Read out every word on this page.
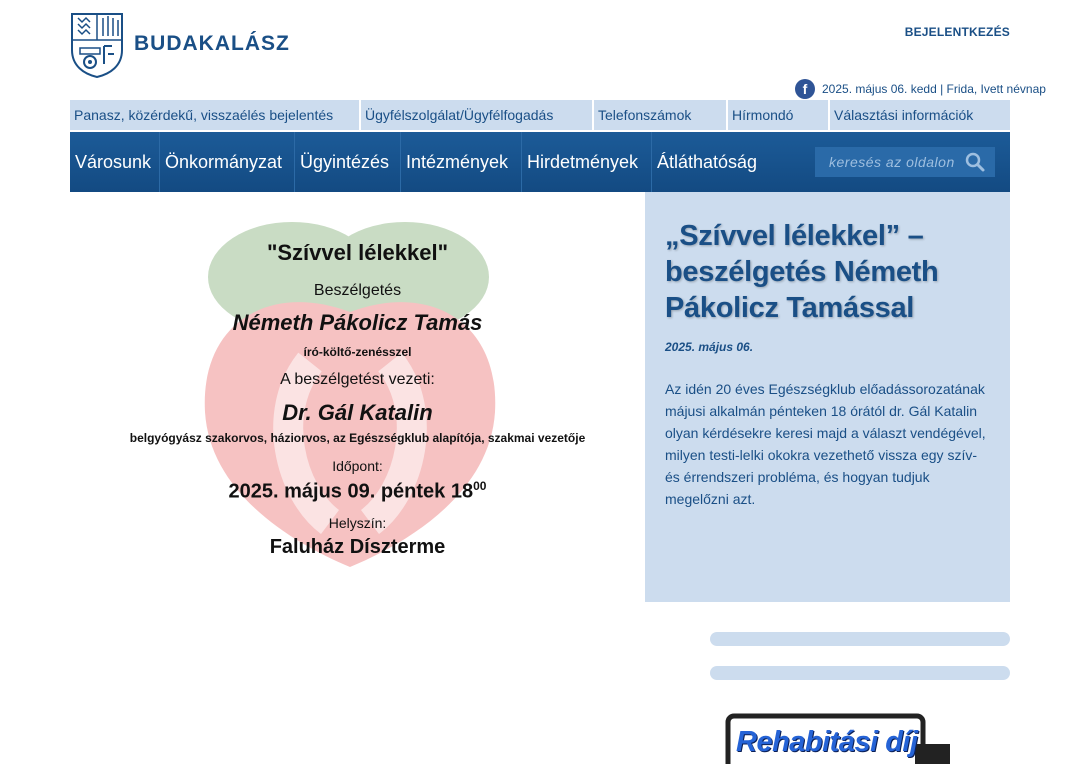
BUDAKALÁSZ	BEJELENTKEZÉS
f	2025. május 06. kedd | Frida, Ivett névnap
Panasz, közérdekű, visszaélés bejelentés	Ügyfélszolgálat/Ügyfélfogadás	Telefonszámok	Hírmondó	Választási információk
Városunk Önkormányzat Ügyintézés Intézmények	Hirdetmények	Átláthatóság
keresés az oldalon
"Szívvel lélekkel"
Beszélgetés
Németh Pákolicz Tamás
író-költő-zenésszel
A beszélgetést vezeti:
Dr. Gál Katalin
belgyógyász szakorvos, háziorvos, az Egészségklub alapítója, szakmai vezetője
Időpont:
2025. május 09. péntek $18^{00}$
Helyszín:
Faluház Díszterme
„Szívvel lélekkel” – beszélgetés Németh Pákolicz Tamással
2025. május 06.
Az idén 20 éves Egészségklub előadássorozatának májusi alkalmán pénteken 18 órától dr. Gál Katalin olyan kérdésekre keresi majd a választ vendégével, milyen testi-lelki okokra vezethető vissza egy szív- és érrendszeri probléma, és hogyan tudjuk megelőzni azt.
Rehabitási díj
